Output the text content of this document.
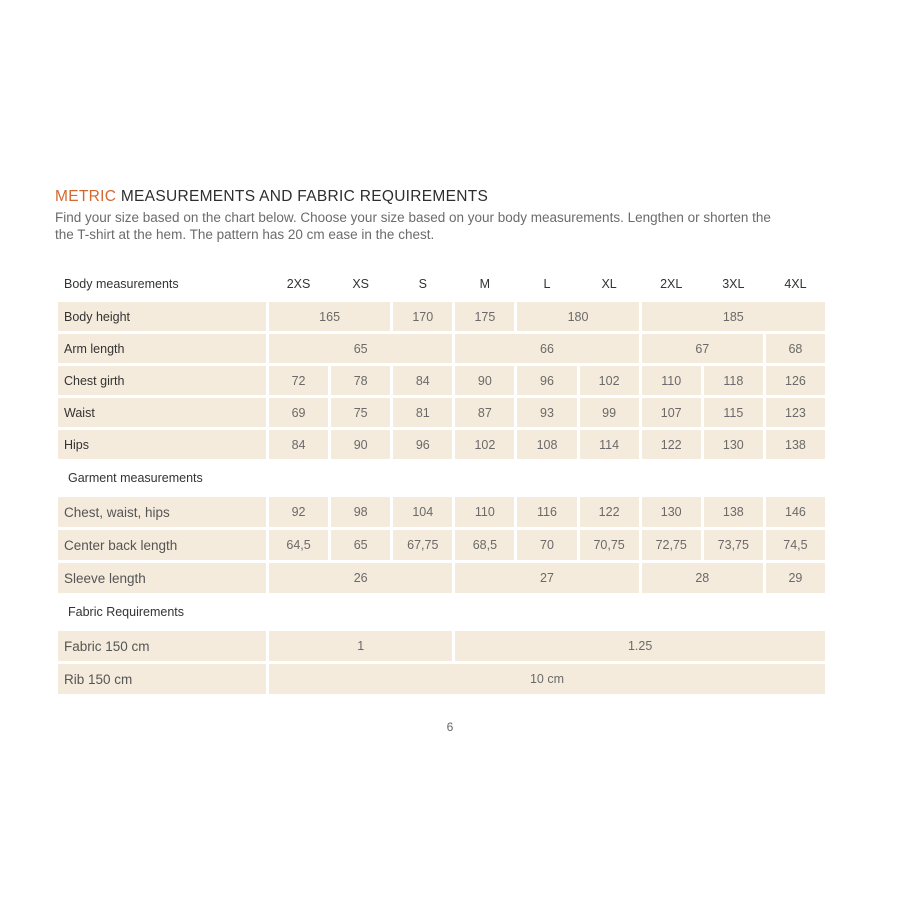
METRIC MEASUREMENTS AND FABRIC REQUIREMENTS
Find your size based on the chart below. Choose your size based on your body measurements. Lengthen or shorten the
the T-shirt at the hem. The pattern has 20 cm ease in the chest.
Body measurements	2XS	XS	S	M	L	XL	2XL	3XL	4XL
Body height	165		170	175	180		185		
Arm length	65			66			67		68
Chest girth	72	78	84	90	96	102	110	118	126
Waist	69	75	81	87	93	99	107	115	123
Hips	84	90	96	102	108	114	122	130	138
Garment measurements									
Chest, waist, hips	92	98	104	110	116	122	130	138	146
Center back length	64,5	65	67,75	68,5	70	70,75	72,75	73,75	74,5
Sleeve length	26			27			28		29
Fabric Requirements									
Fabric 150 cm	1			1.25					
Rib 150 cm	10 cm								
6
